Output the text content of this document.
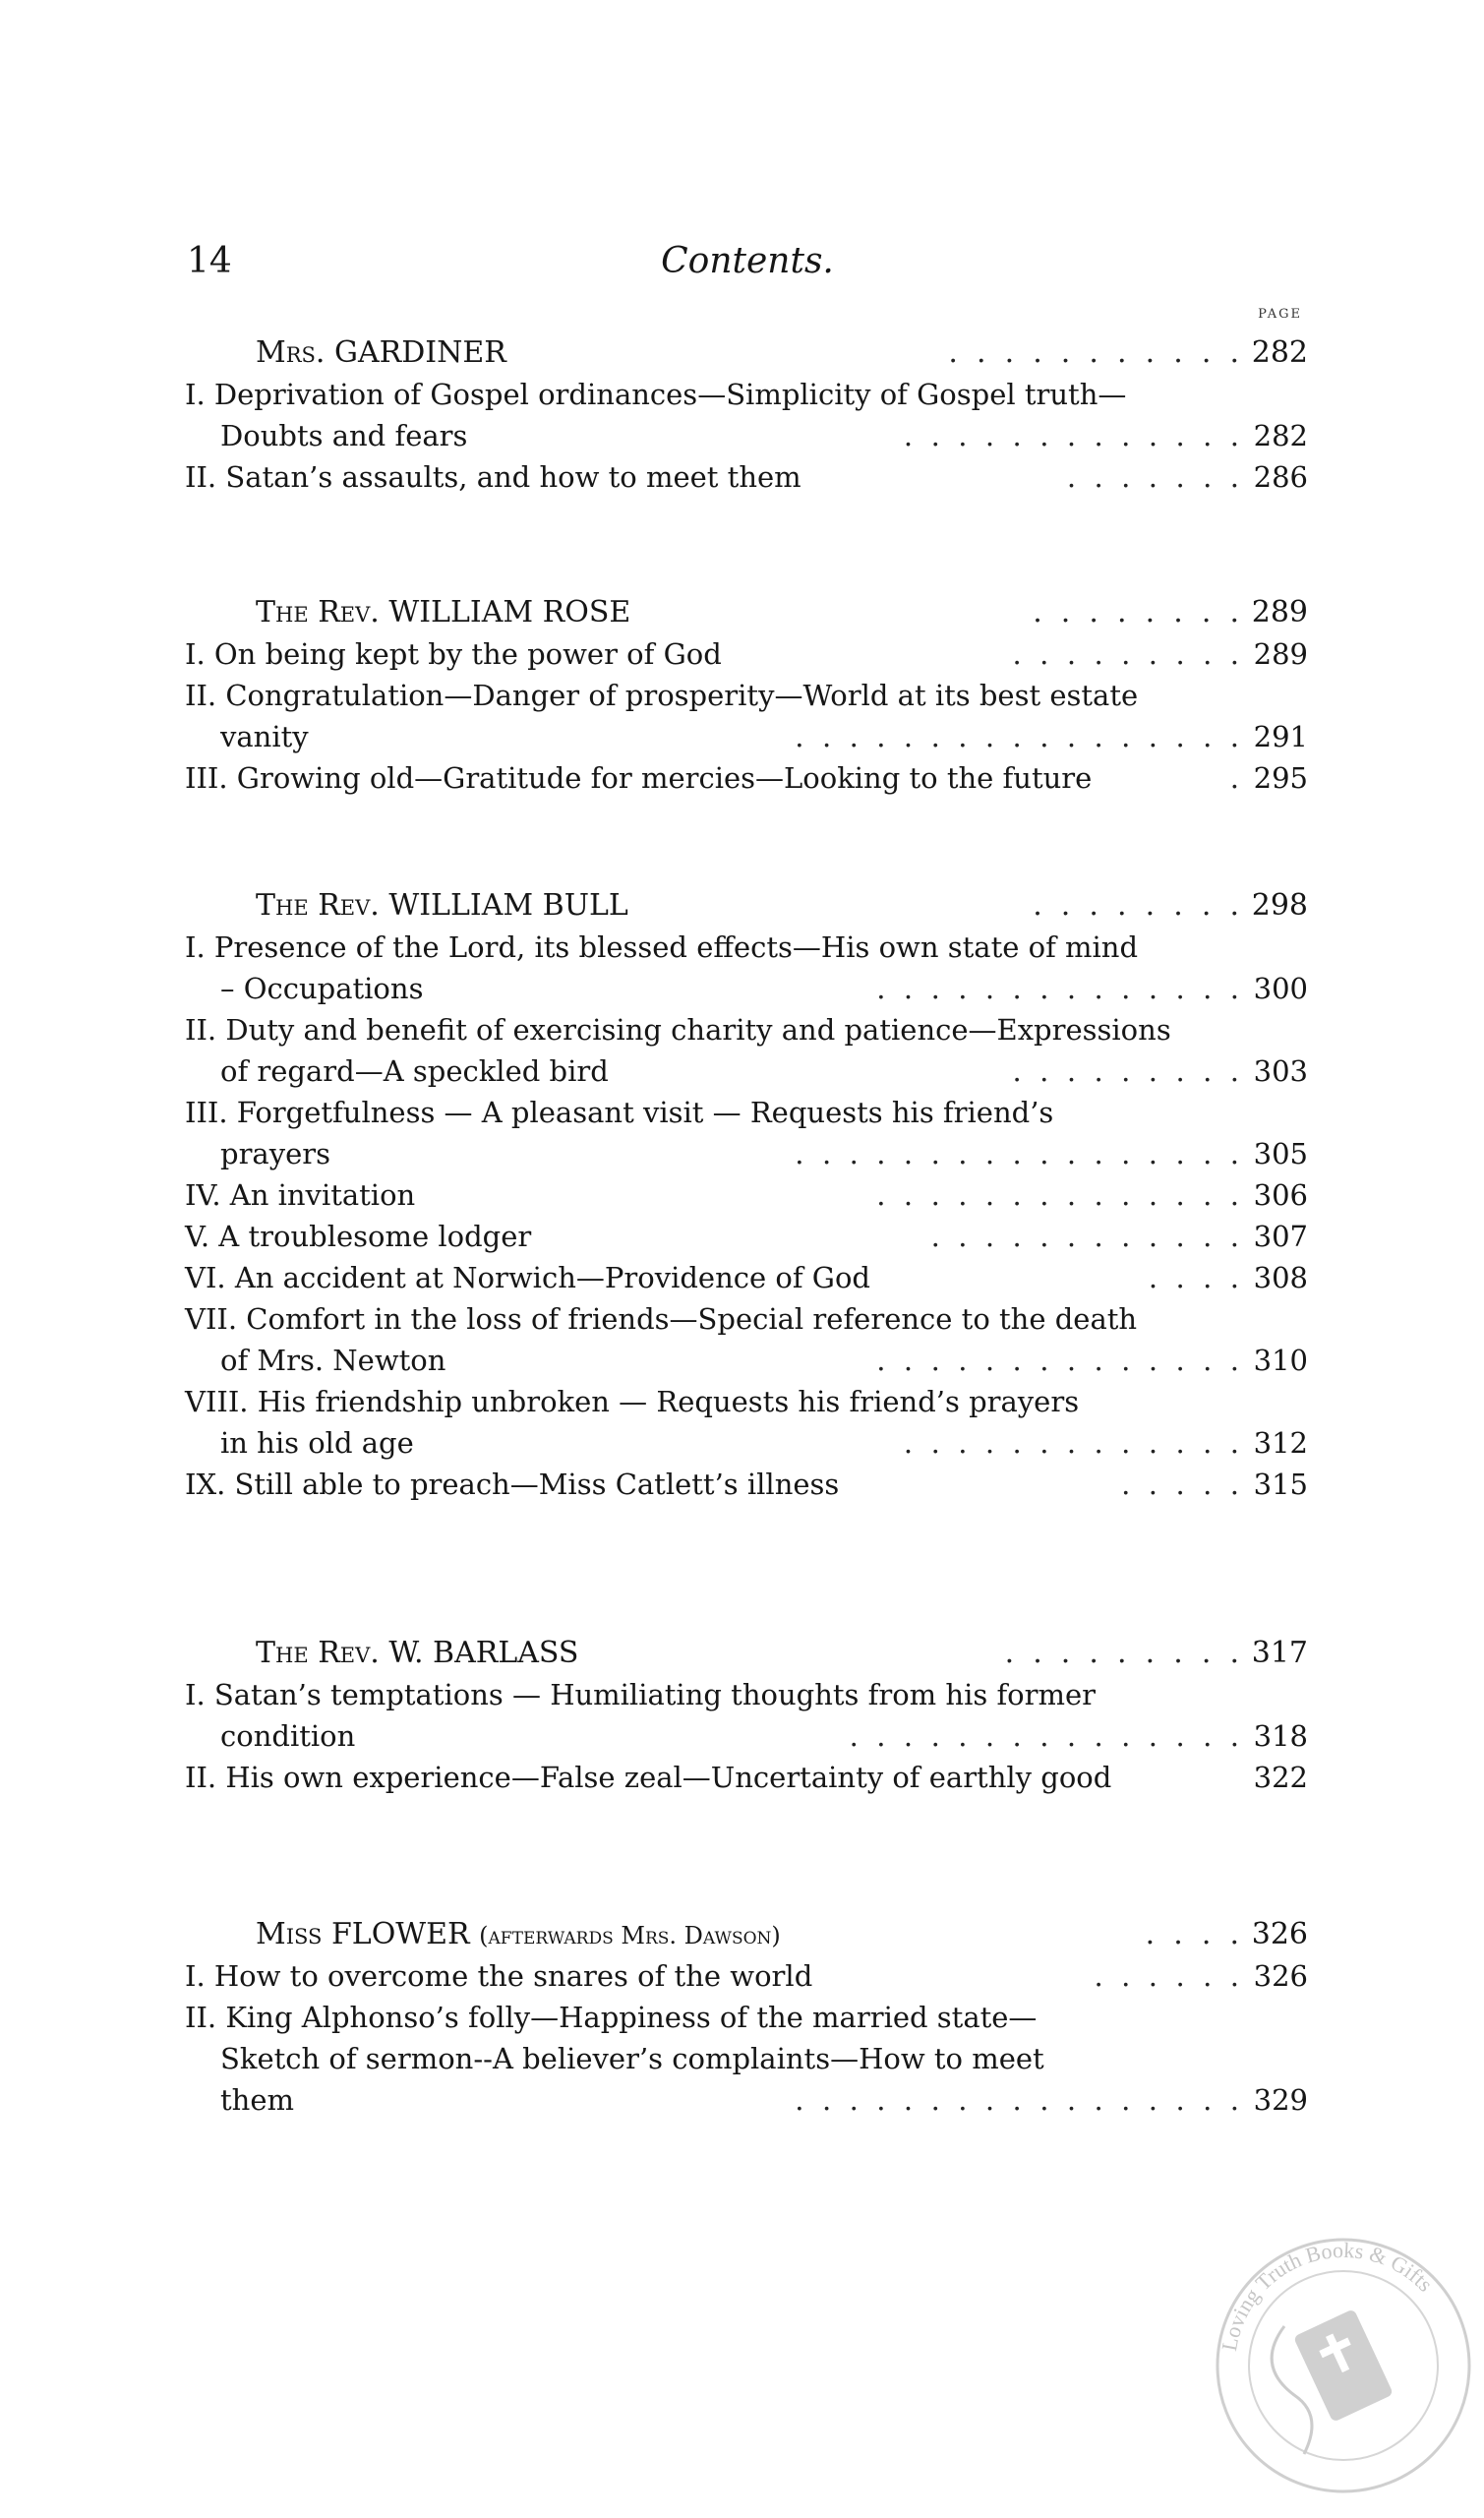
14	Contents.
PAGE
Mrs. GARDINER	.  .  .  .  .  .  .  .  .  .  . 282
I. Deprivation of Gospel ordinances—Simplicity of Gospel truth—
Doubts and fears	.  .  .  .  .  .  .  .  .  .  .  .  . 282
II. Satan’s assaults, and how to meet them	.  .  .  .  .  .  . 286
The Rev. WILLIAM ROSE	.  .  .  .  .  .  .  . 289
I. On being kept by the power of God	.  .  .  .  .  .  .  .  . 289
II. Congratulation—Danger of prosperity—World at its best estate
vanity	.  .  .  .  .  .  .  .  .  .  .  .  .  .  .  .  . 291
III. Growing old—Gratitude for mercies—Looking to the future	. 295
The Rev. WILLIAM BULL	.  .  .  .  .  .  .  . 298
I. Presence of the Lord, its blessed effects—His own state of mind
– Occupations	.  .  .  .  .  .  .  .  .  .  .  .  .  . 300
II. Duty and benefit of exercising charity and patience—Expressions
of regard—A speckled bird	.  .  .  .  .  .  .  .  . 303
III. Forgetfulness — A pleasant visit — Requests his friend’s
prayers	.  .  .  .  .  .  .  .  .  .  .  .  .  .  .  .  . 305
IV. An invitation	.  .  .  .  .  .  .  .  .  .  .  .  .  . 306
V. A troublesome lodger	.  .  .  .  .  .  .  .  .  .  .  . 307
VI. An accident at Norwich—Providence of God	.  .  .  . 308
VII. Comfort in the loss of friends—Special reference to the death
of Mrs. Newton	.  .  .  .  .  .  .  .  .  .  .  .  .  . 310
VIII. His friendship unbroken — Requests his friend’s prayers
in his old age	.  .  .  .  .  .  .  .  .  .  .  .  . 312
IX. Still able to preach—Miss Catlett’s illness	.  .  .  .  . 315
The Rev. W. BARLASS	.  .  .  .  .  .  .  .  . 317
I. Satan’s temptations — Humiliating thoughts from his former
condition	.  .  .  .  .  .  .  .  .  .  .  .  .  .  . 318
II. His own experience—False zeal—Uncertainty of earthly good	322
Miss FLOWER (afterwards Mrs. Dawson)	.  .  .  . 326
I. How to overcome the snares of the world	.  .  .  .  .  . 326
II. King Alphonso’s folly—Happiness of the married state—
Sketch of sermon--A believer’s complaints—How to meet
them	.  .  .  .  .  .  .  .  .  .  .  .  .  .  .  .  . 329
Loving Truth Books & Gifts
